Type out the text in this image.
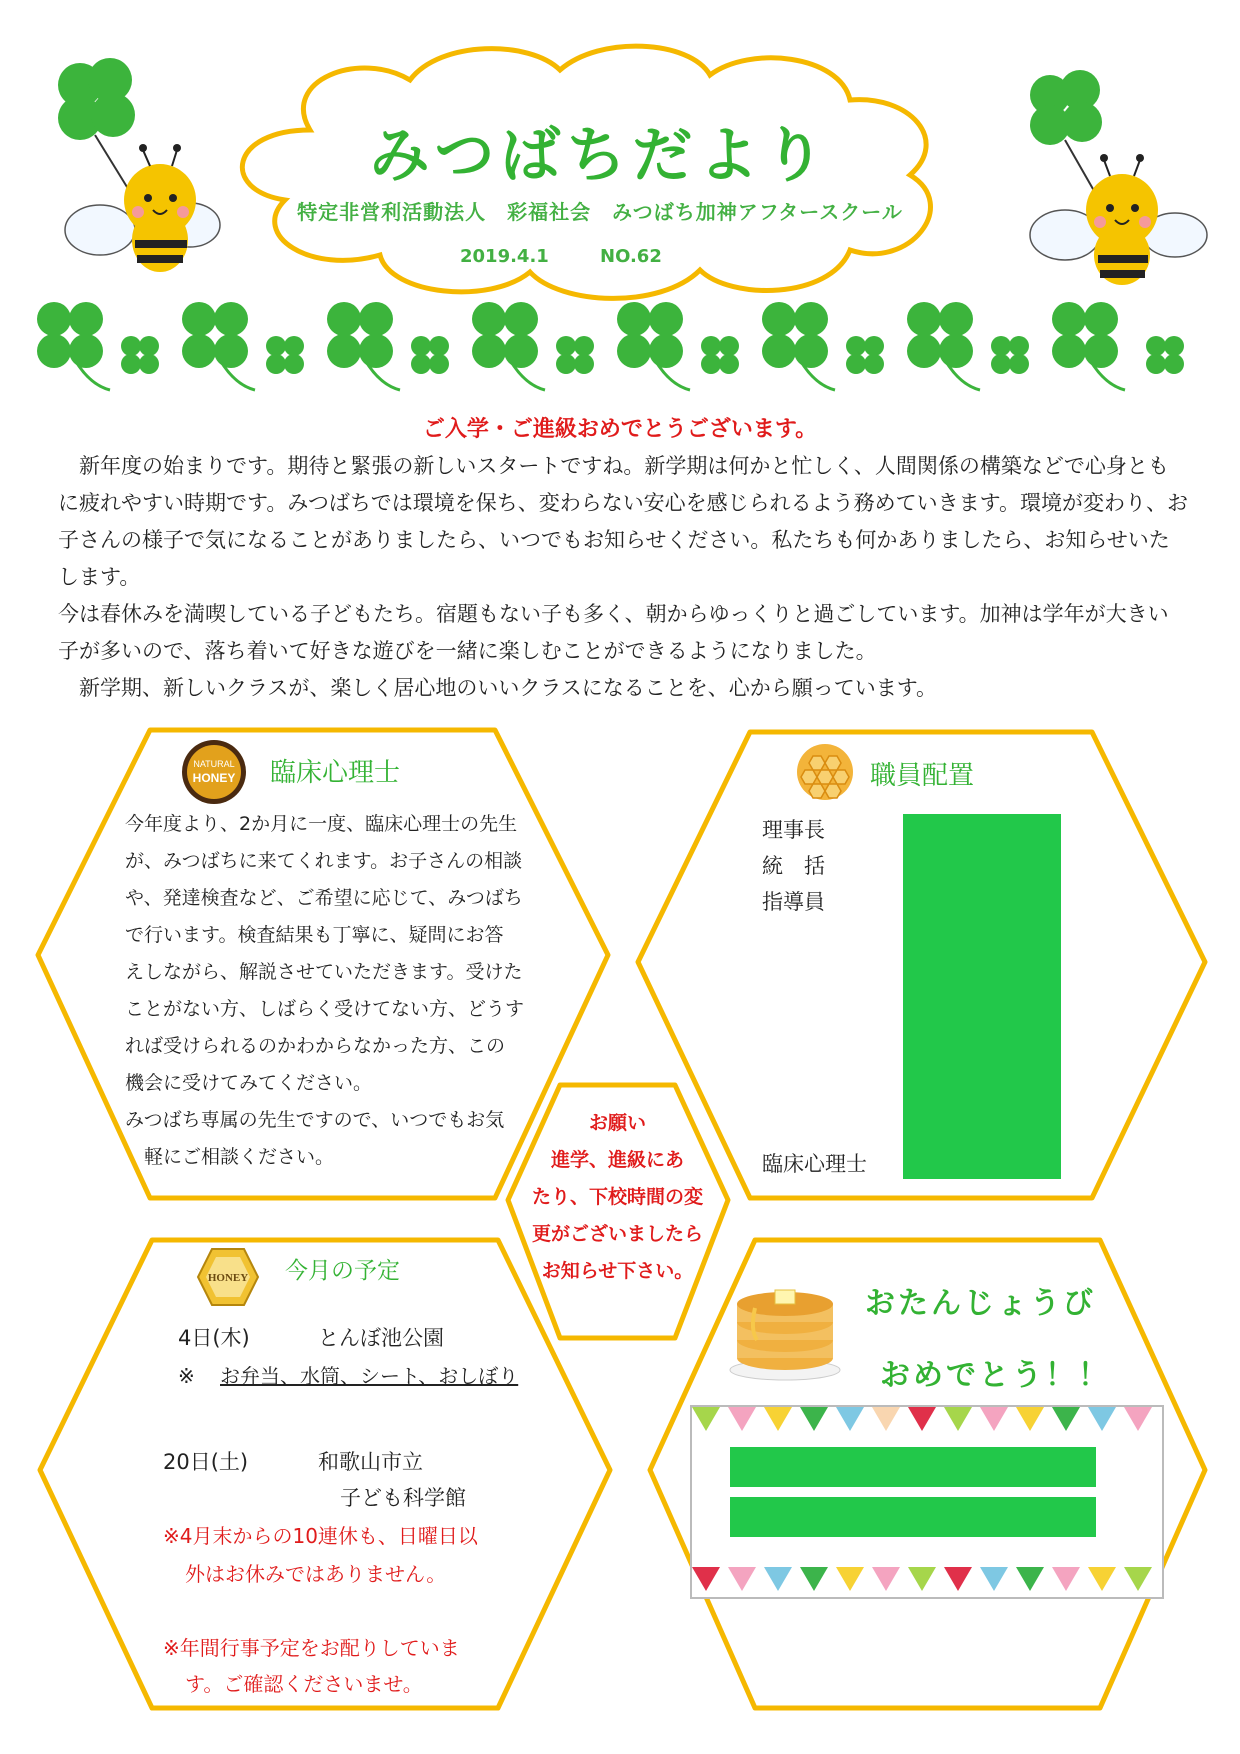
みつばちだより
特定非営利活動法人　彩福社会　みつばち加神アフタースクール
2019.4.1	NO.62
ご入学・ご進級おめでとうございます。

　新年度の始まりです。期待と緊張の新しいスタートですね。新学期は何かと忙しく、人間関係の構築などで心身ともに疲れやすい時期です。みつばちでは環境を保ち、変わらない安心を感じられるよう務めていきます。環境が変わり、お子さんの様子で気になることがありましたら、いつでもお知らせください。私たちも何かありましたら、お知らせいたします。

今は春休みを満喫している子どもたち。宿題もない子も多く、朝からゆっくりと過ごしています。加神は学年が大きい子が多いので、落ち着いて好きな遊びを一緒に楽しむことができるようになりました。

　新学期、新しいクラスが、楽しく居心地のいいクラスになることを、心から願っています。

NATURAL
HONEY 臨床心理士
今年度より、2か月に一度、臨床心理士の先生
が、みつばちに来てくれます。お子さんの相談
や、発達検査など、ご希望に応じて、みつばち
で行います。検査結果も丁寧に、疑問にお答
えしながら、解説させていただきます。受けた
ことがない方、しばらく受けてない方、どうす
れば受けられるのかわからなかった方、この
機会に受けてみてください。
みつばち専属の先生ですので、いつでもお気
　軽にご相談ください。
職員配置
理事長
統　括
指導員
臨床心理士
お願い
進学、進級にあ
たり、下校時間の変
更がございましたら
お知らせ下さい。
HONEY 今月の予定
4日(木)	とんぼ池公園
※ お弁当、水筒、シート、おしぼり
20日(土)	和歌山市立
子ども科学館
※4月末からの10連休も、日曜日以
外はお休みではありません。
※年間行事予定をお配りしていま
す。ご確認くださいませ。
おたんじょうび
おめでとう！！
